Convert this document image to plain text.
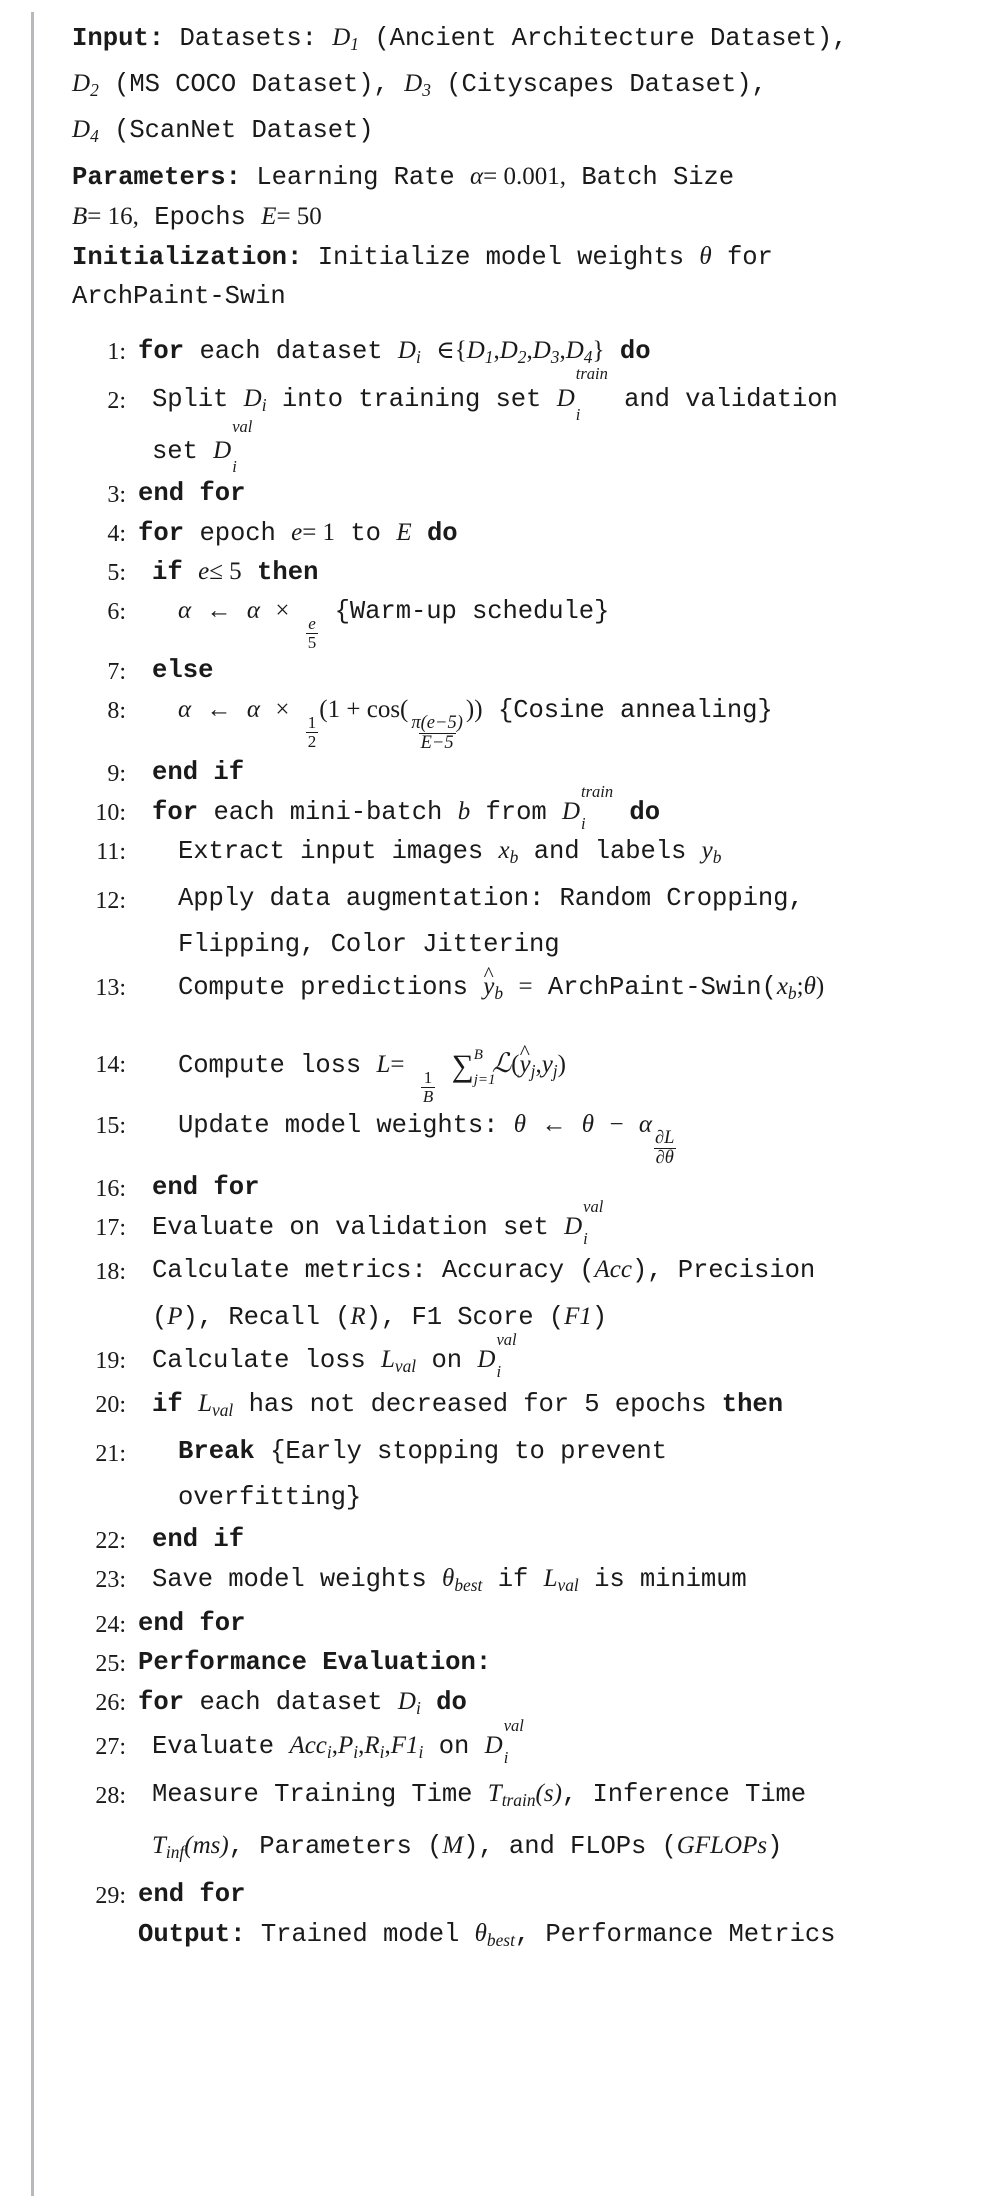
Input: Datasets: $D_1$ (Ancient Architecture Dataset),
$D_2$ (MS COCO Dataset), $D_3$ (Cityscapes Dataset),
$D_4$ (ScanNet Dataset)
Parameters: Learning Rate α= 0.001, Batch Size
B= 16, Epochs E= 50
Initialization: Initialize model weights θ for
ArchPaint-Swin
1: for each dataset $D_i$ $\in\{D_1,D_2,D_3,D_4\}$ do
2:	Split $D_i$ into training set D
train
i
and validation
set D
val
i
3: end for
4: for epoch e= 1 to E do
5:	if e≤ 5 then
6:	α ← α ×
$\frac{e}{5}$
{Warm-up schedule}
7:	else
8:	α ← α ×
$\frac{1}{2}$
(1 + cos(
$\frac{\pi(e-5)}{E-5}$
)) {Cosine annealing}
9:	end if
10:	for each mini-batch b from D
train
i do
11:	Extract input images $x_b$ and labels $y_b$
12:	Apply data augmentation: Random Cropping,
Flipping, Color Jittering
13:	Compute predictions ^ $y_b$ = ArchPaint-$Swin(x_b;\theta)$
14:	Compute loss L=
$\frac{1}{B}$
∑ B
j=1
ℒ(^ $y_j,y_j$)
15:	Update model weights: θ ← θ − α
$\frac{\partial L}{\partial\theta}$
16:	end for
17:	Evaluate on validation set D
val
i
18:	Calculate metrics: Accuracy (Acc), Precision
(P), Recall (R), F1 Score (F1)
19:	Calculate loss $L_{val}$ on D
val
i
20:	if $L_{val}$ has not decreased for 5 epochs then
21:	Break {Early stopping to prevent
overfitting}
22:	end if
23:	Save model weights $\theta_{best}$ if $L_{val}$ is minimum
24: end for
25: Performance Evaluation:
26: for each dataset $D_i$ do
27:	Evaluate $Acc_i,P_i,R_i,F1_i$ on D
val
i
28:	Measure Training Time $T_{train}(s)$, Inference Time
$T_{inf}(ms)$, Parameters (M), and FLOPs (GFLOPs)
29: end for
Output: Trained model $\theta_{best}$, Performance Metrics
